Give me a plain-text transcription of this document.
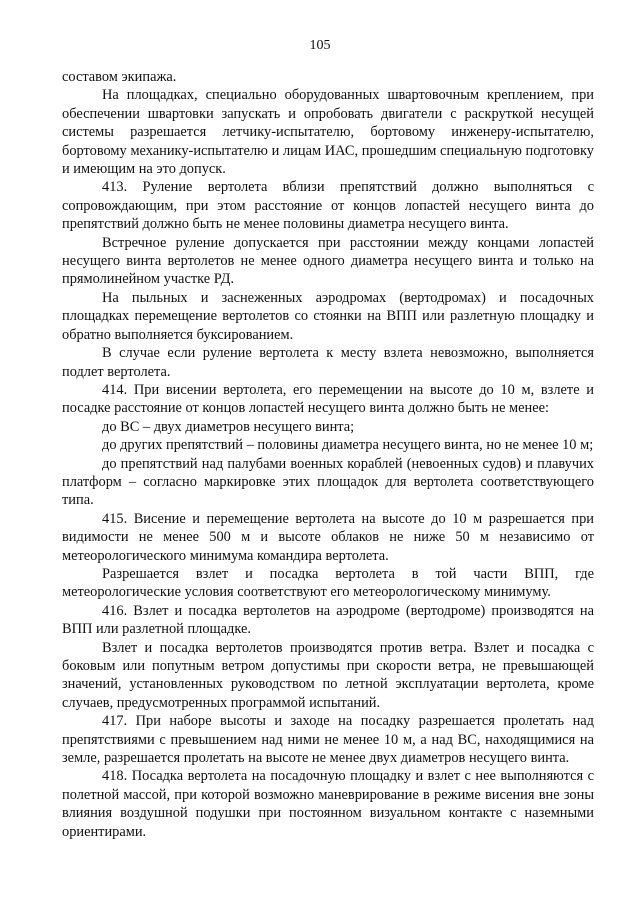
105

составом экипажа.

На площадках, специально оборудованных швартовочным креплением, при обеспечении швартовки запускать и опробовать двигатели с раскруткой несущей системы разрешается летчику-испытателю, бортовому инженеру-испытателю, бортовому механику-испытателю и лицам ИАС, прошедшим специальную подготовку и имеющим на это допуск.

413. Руление вертолета вблизи препятствий должно выполняться с сопровождающим, при этом расстояние от концов лопастей несущего винта до препятствий должно быть не менее половины диаметра несущего винта.

Встречное руление допускается при расстоянии между концами лопастей несущего винта вертолетов не менее одного диаметра несущего винта и только на прямолинейном участке РД.

На пыльных и заснеженных аэродромах (вертодромах) и посадочных площадках перемещение вертолетов со стоянки на ВПП или разлетную площадку и обратно выполняется буксированием.

В случае если руление вертолета к месту взлета невозможно, выполняется подлет вертолета.

414. При висении вертолета, его перемещении на высоте до 10 м, взлете и посадке расстояние от концов лопастей несущего винта должно быть не менее:

до ВС – двух диаметров несущего винта;

до других препятствий – половины диаметра несущего винта, но не менее 10 м;

до препятствий над палубами военных кораблей (невоенных судов) и плавучих платформ – согласно маркировке этих площадок для вертолета соответствующего типа.

415. Висение и перемещение вертолета на высоте до 10 м разрешается при видимости не менее 500 м и высоте облаков не ниже 50 м независимо от метеорологического минимума командира вертолета.

Разрешается взлет и посадка вертолета в той части ВПП, где метеорологические условия соответствуют его метеорологическому минимуму.

416. Взлет и посадка вертолетов на аэродроме (вертодроме) производятся на ВПП или разлетной площадке.

Взлет и посадка вертолетов производятся против ветра. Взлет и посадка с боковым или попутным ветром допустимы при скорости ветра, не превышающей значений, установленных руководством по летной эксплуатации вертолета, кроме случаев, предусмотренных программой испытаний.

417. При наборе высоты и заходе на посадку разрешается пролетать над препятствиями с превышением над ними не менее 10 м, а над ВС, находящимися на земле, разрешается пролетать на высоте не менее двух диаметров несущего винта.

418. Посадка вертолета на посадочную площадку и взлет с нее выполняются с полетной массой, при которой возможно маневрирование в режиме висения вне зоны влияния воздушной подушки при постоянном визуальном контакте с наземными ориентирами.
